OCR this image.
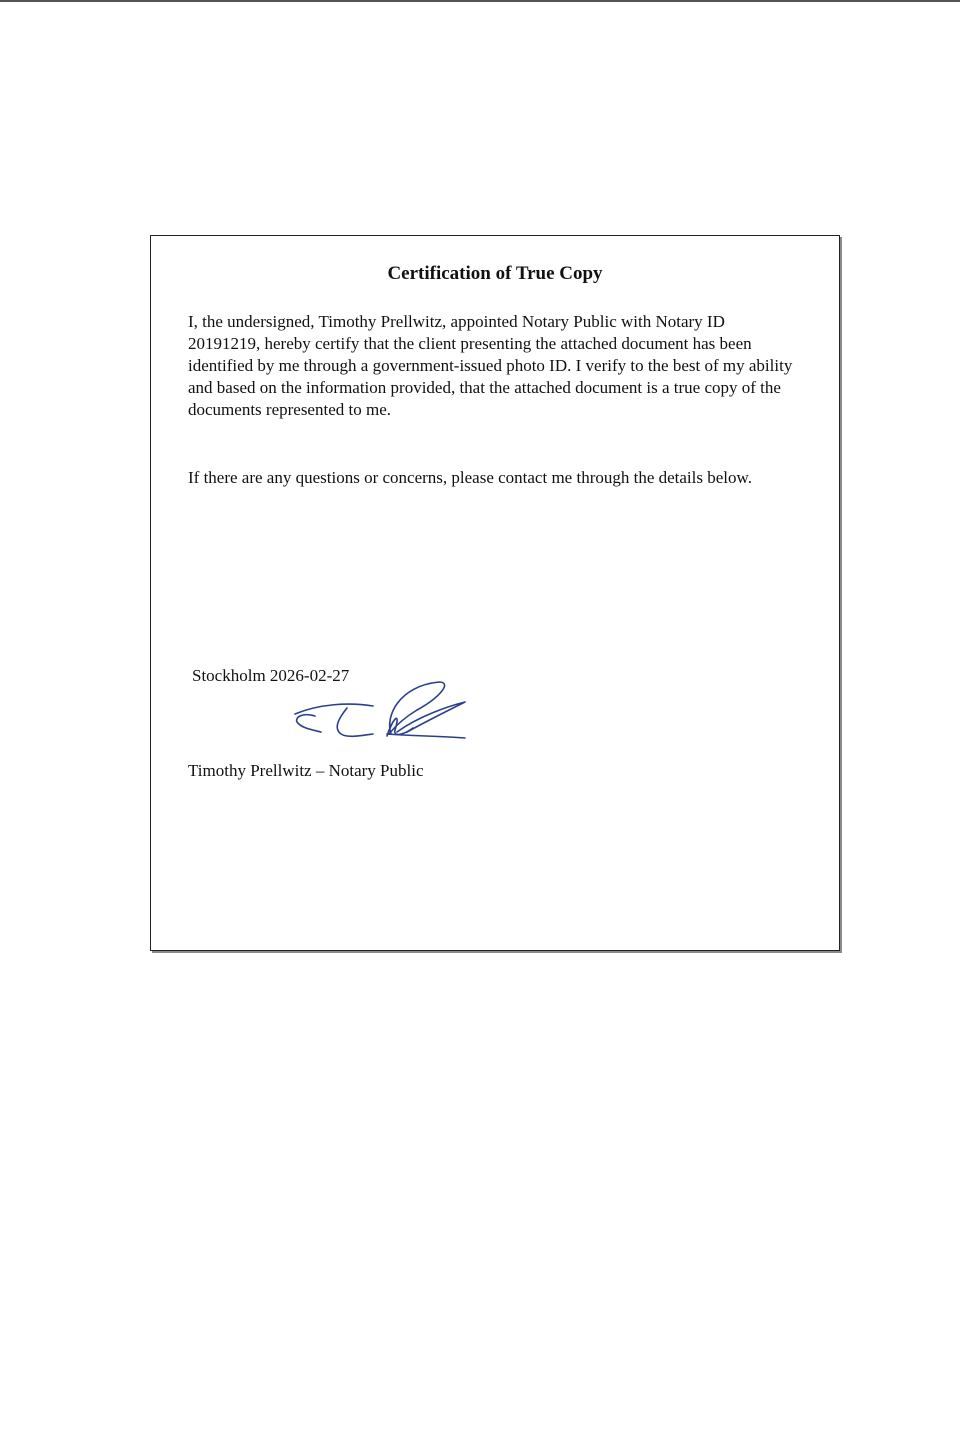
Certification of True Copy

I, the undersigned, Timothy Prellwitz, appointed Notary Public with Notary ID 20191219, hereby certify that the client presenting the attached document has been identified by me through a government-issued photo ID. I verify to the best of my ability and based on the information provided, that the attached document is a true copy of the documents represented to me.

If there are any questions or concerns, please contact me through the details below.

Stockholm 2026-02-27

Timothy Prellwitz – Notary Public
